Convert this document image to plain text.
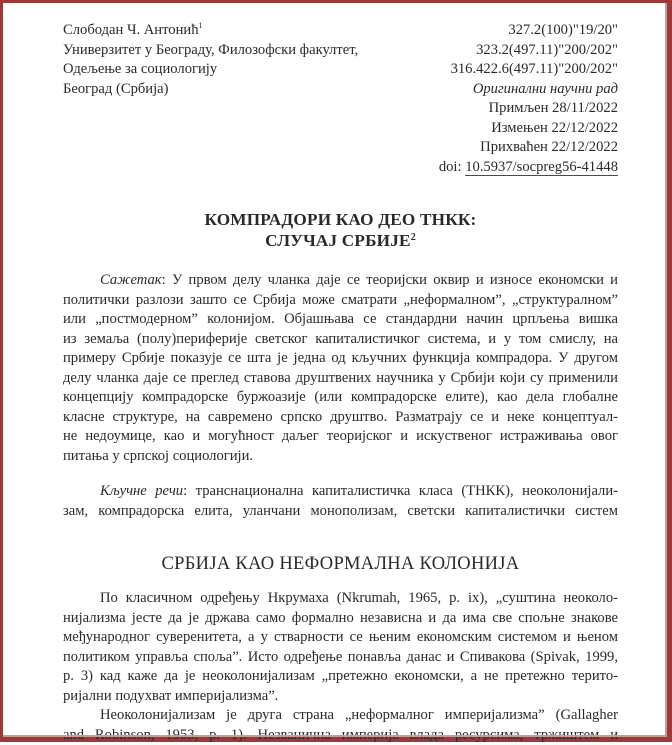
Слободан Ч. Антонић$^1$
Универзитет у Београду, Филозофски факултет,
Одељење за социологију
Београд (Србија)
327.2(100)"19/20"
323.2(497.11)"200/202"
316.422.6(497.11)"200/202"
Оригинални научни рад
Примљен 28/11/2022
Измењен 22/12/2022
Прихваћен 22/12/2022
doi: 10.5937/socpreg56-41448
КОМПРАДОРИ КАО ДЕО ТНКК:
СЛУЧАЈ СРБИЈЕ$^2$
Сажетак: У првом делу чланка даје се теоријски оквир и износе економски и
политички разлози зашто се Србија може сматрати „неформалном”, „структуралном”
или „постмодерном” колонијом. Објашњава се стандардни начин црпљења вишка
из земаља (полу)периферије светског капиталистичког система, и у том смислу, на
примеру Србије показује се шта је једна од кључних функција компрадора. У другом
делу чланка даје се преглед ставова друштвених научника у Србији који су применили
концепцију компрадорске буржоазије (или компрадорске елите), као дела глобалне
класне структуре, на савремено српско друштво. Разматрају се и неке концептуал-
не недоумице, као и могућност даљег теоријског и искуственог истраживања овог
питања у српској социологији.
Кључне речи: транснационална капиталистичка класа (ТНКК), неоколонијали-
зам, компрадорска елита, уланчани монополизам, светски капиталистички систем
СРБИЈА КАО НЕФОРМАЛНА КОЛОНИЈА
По класичном одређењу Нкрумаха (Nkrumah, 1965, p. ix), „суштина неоколо-
нијализма јесте да је држава само формално независна и да има све спољне знакове
међународног суверенитета, а у стварности се њеним економским системом и њеном
политиком управља споља”. Исто одређење понавља данас и Спивакова (Spivak, 1999,
p. 3) кад каже да је неоколонијализам „претежно економски, а не претежно терито-
ријални подухват империјализма”.
Неоколонијализам је друга страна „неформалног империјализма” (Gallagher
and Robinson, 1953, p. 1). Незванична империја влада ресурсима, тржиштем и
